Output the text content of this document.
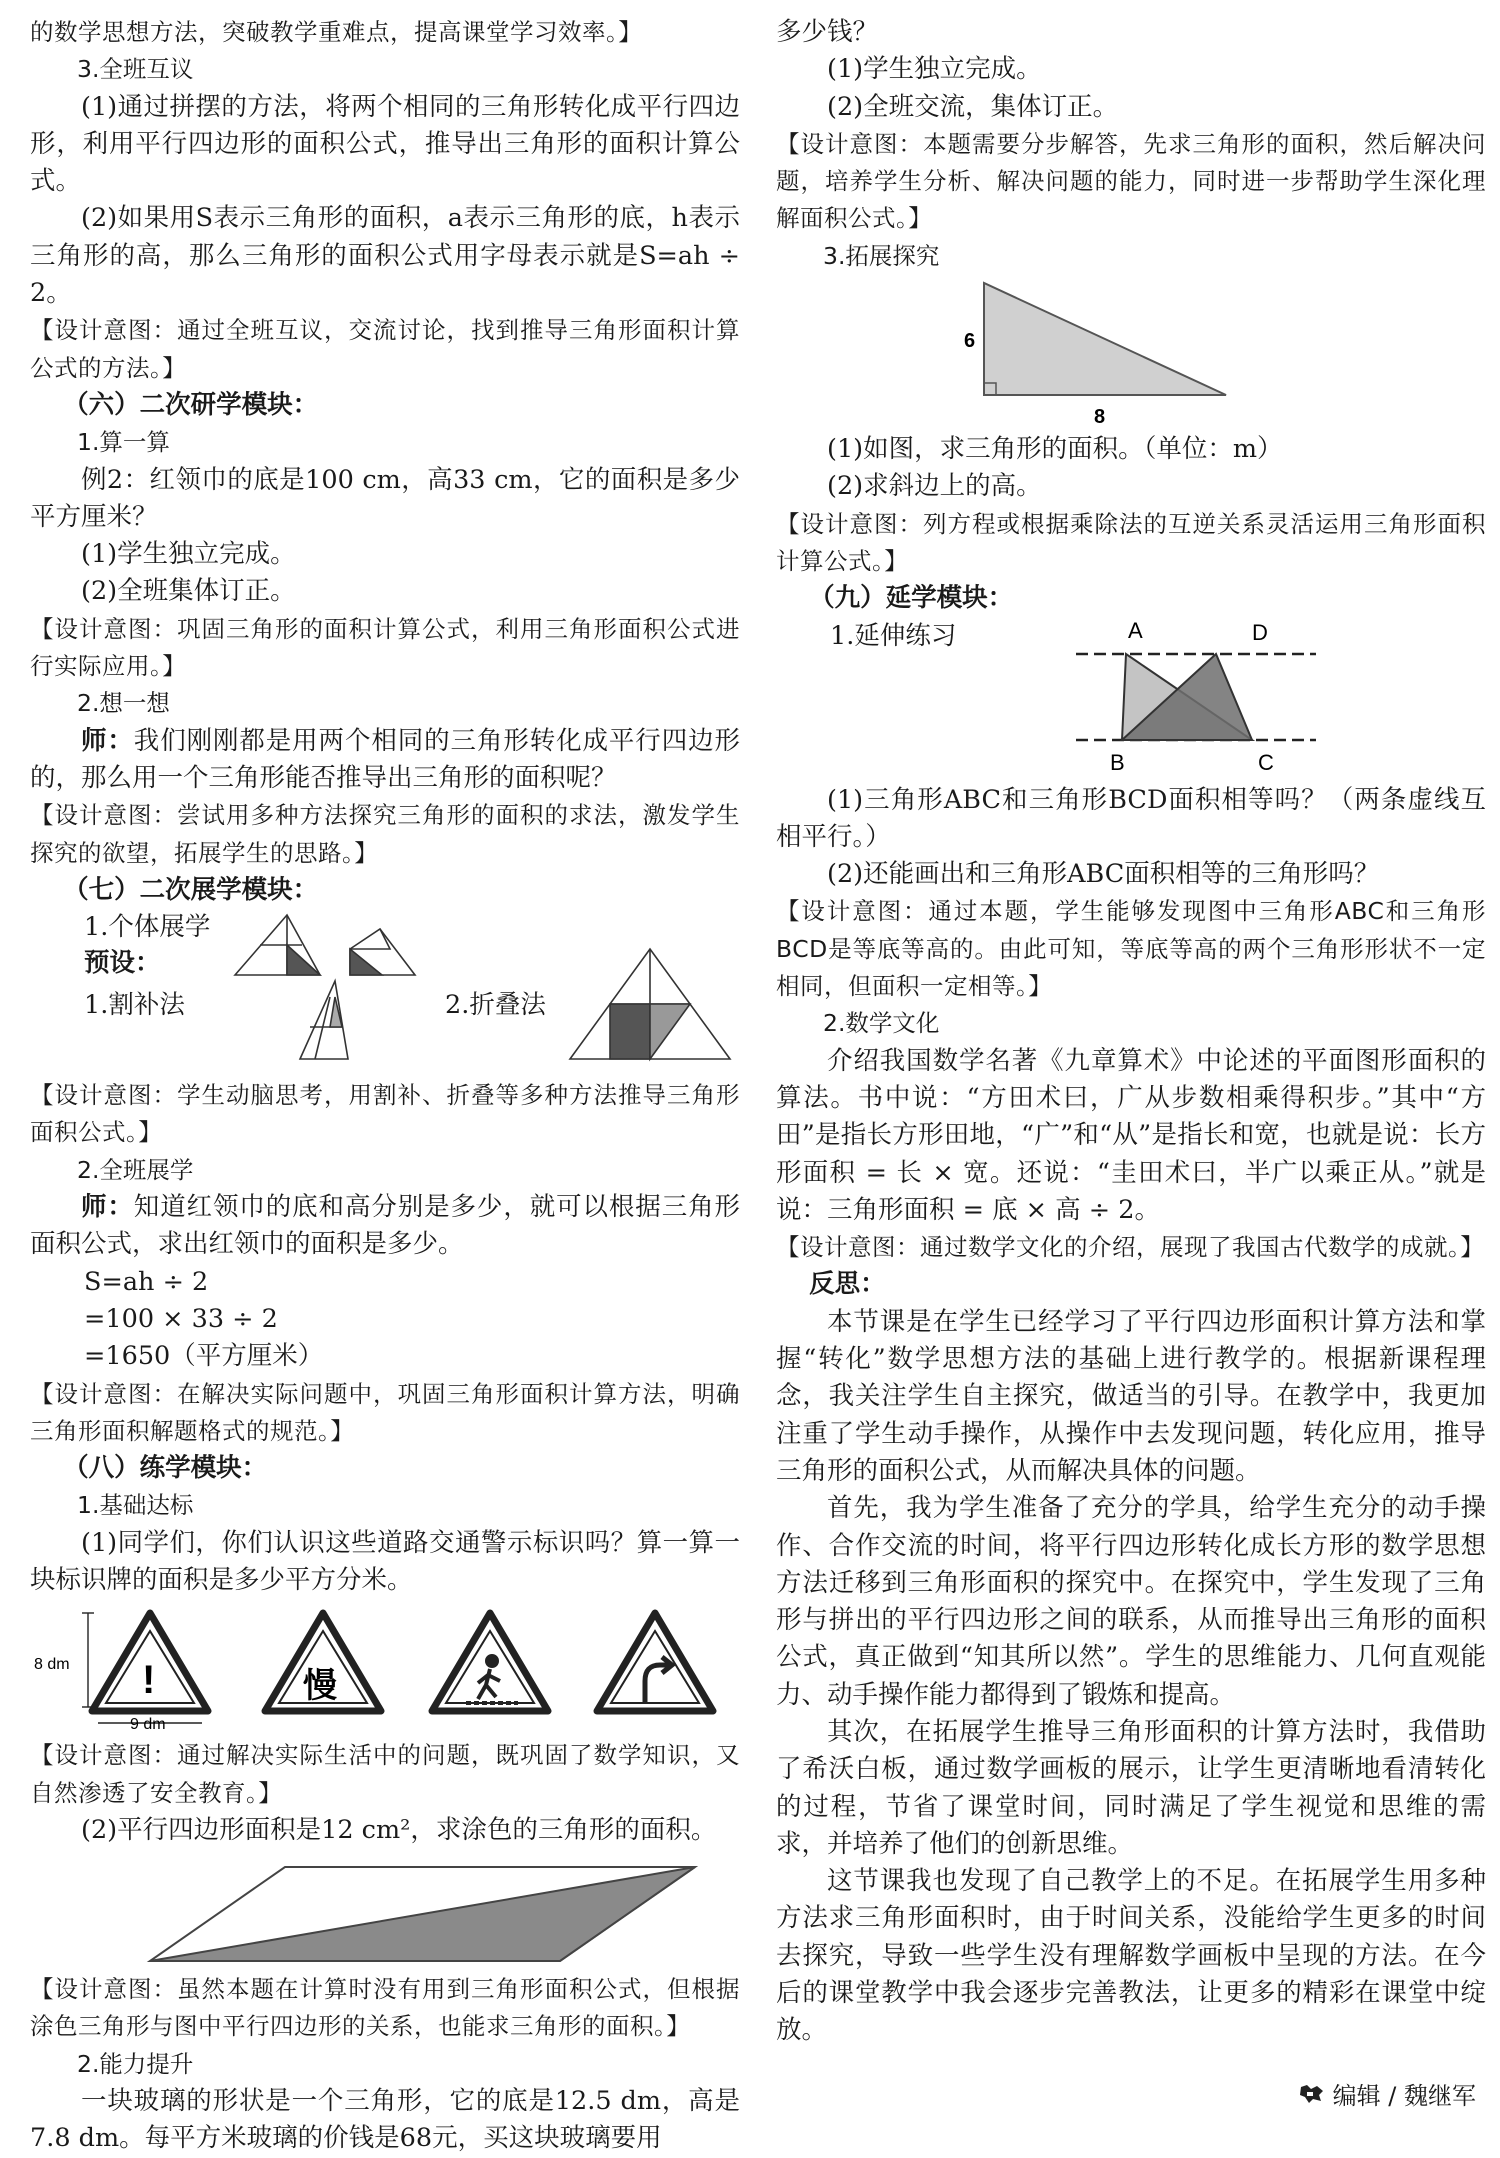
的数学思想方法，突破教学重难点，提高课堂学习效率。】

3.全班互议

(1)通过拼摆的方法，将两个相同的三角形转化成平行四边形，利用平行四边形的面积公式，推导出三角形的面积计算公式。

(2)如果用S表示三角形的面积，a表示三角形的底，h表示三角形的高，那么三角形的面积公式用字母表示就是S=ah ÷ 2。

【设计意图：通过全班互议，交流讨论，找到推导三角形面积计算公式的方法。】

（六）二次研学模块：

1.算一算

例2：红领巾的底是100 cm，高33 cm，它的面积是多少平方厘米？

(1)学生独立完成。

(2)全班集体订正。

【设计意图：巩固三角形的面积计算公式，利用三角形面积公式进行实际应用。】

2.想一想

师：我们刚刚都是用两个相同的三角形转化成平行四边形的，那么用一个三角形能否推导出三角形的面积呢？

【设计意图：尝试用多种方法探究三角形的面积的求法，激发学生探究的欲望，拓展学生的思路。】

（七）二次展学模块：

1.个体展学
预设：
1.割补法	2.折叠法

【设计意图：学生动脑思考，用割补、折叠等多种方法推导三角形面积公式。】

2.全班展学

师：知道红领巾的底和高分别是多少，就可以根据三角形面积公式，求出红领巾的面积是多少。

S=ah ÷ 2

=100 × 33 ÷ 2

=1650（平方厘米）

【设计意图：在解决实际问题中，巩固三角形面积计算方法，明确三角形面积解题格式的规范。】

（八）练学模块：

1.基础达标

(1)同学们，你们认识这些道路交通警示标识吗？算一算一块标识牌的面积是多少平方分米。

8 dm
9 dm
!	慢

【设计意图：通过解决实际生活中的问题，既巩固了数学知识，又自然渗透了安全教育。】

(2)平行四边形面积是12 cm²，求涂色的三角形的面积。

【设计意图：虽然本题在计算时没有用到三角形面积公式，但根据涂色三角形与图中平行四边形的关系，也能求三角形的面积。】

2.能力提升

一块玻璃的形状是一个三角形，它的底是12.5 dm，高是7.8 dm。每平方米玻璃的价钱是68元，买这块玻璃要用

多少钱？

(1)学生独立完成。

(2)全班交流，集体订正。

【设计意图：本题需要分步解答，先求三角形的面积，然后解决问题，培养学生分析、解决问题的能力，同时进一步帮助学生深化理解面积公式。】

3.拓展探究

6
8

(1)如图，求三角形的面积。（单位：m）

(2)求斜边上的高。

【设计意图：列方程或根据乘除法的互逆关系灵活运用三角形面积计算公式。】

（九）延学模块：

1.延伸练习	A	D
B	C

(1)三角形ABC和三角形BCD面积相等吗？（两条虚线互相平行。）

(2)还能画出和三角形ABC面积相等的三角形吗？

【设计意图：通过本题，学生能够发现图中三角形ABC和三角形BCD是等底等高的。由此可知，等底等高的两个三角形形状不一定相同，但面积一定相等。】

2.数学文化

介绍我国数学名著《九章算术》中论述的平面图形面积的算法。书中说：“方田术曰，广从步数相乘得积步。”其中“方田”是指长方形田地，“广”和“从”是指长和宽，也就是说：长方形面积 = 长 × 宽。还说：“圭田术曰，半广以乘正从。”就是说：三角形面积 = 底 × 高 ÷ 2。

【设计意图：通过数学文化的介绍，展现了我国古代数学的成就。】

反思：

本节课是在学生已经学习了平行四边形面积计算方法和掌握“转化”数学思想方法的基础上进行教学的。根据新课程理念，我关注学生自主探究，做适当的引导。在教学中，我更加注重了学生动手操作，从操作中去发现问题，转化应用，推导三角形的面积公式，从而解决具体的问题。

首先，我为学生准备了充分的学具，给学生充分的动手操作、合作交流的时间，将平行四边形转化成长方形的数学思想方法迁移到三角形面积的探究中。在探究中，学生发现了三角形与拼出的平行四边形之间的联系，从而推导出三角形的面积公式，真正做到“知其所以然”。学生的思维能力、几何直观能力、动手操作能力都得到了锻炼和提高。

其次，在拓展学生推导三角形面积的计算方法时，我借助了希沃白板，通过数学画板的展示，让学生更清晰地看清转化的过程，节省了课堂时间，同时满足了学生视觉和思维的需求，并培养了他们的创新思维。

这节课我也发现了自己教学上的不足。在拓展学生用多种方法求三角形面积时，由于时间关系，没能给学生更多的时间去探究，导致一些学生没有理解数学画板中呈现的方法。在今后的课堂教学中我会逐步完善教法，让更多的精彩在课堂中绽放。

编辑 / 魏继军
